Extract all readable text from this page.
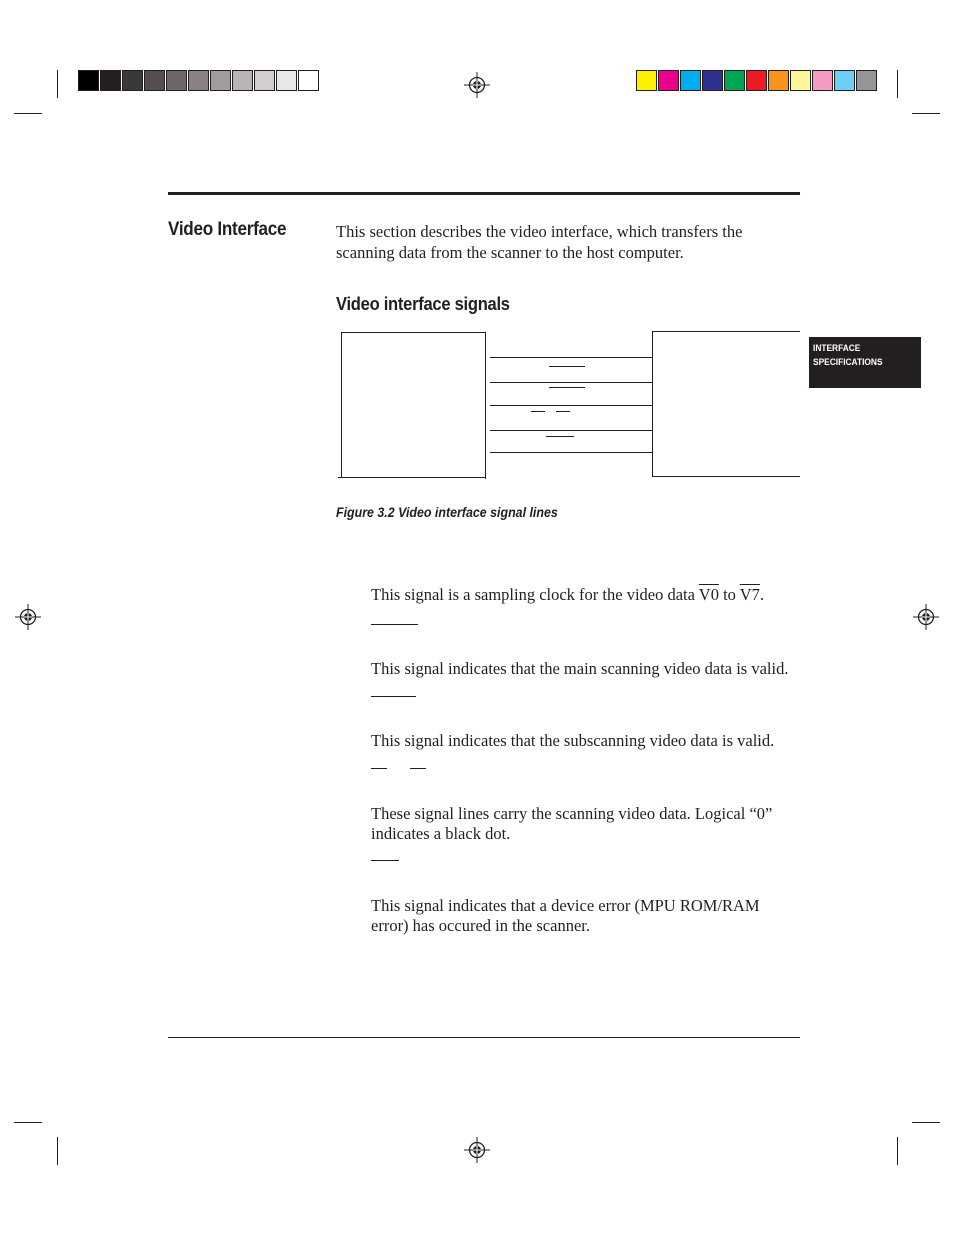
Video Interface	This section describes the video interface, which transfers the scanning data from the scanner to the host computer.
Video interface signals
INTERFACE
SPECIFICATIONS
Figure 3.2 Video interface signal lines
This signal is a sampling clock for the video data V0 to V7.
This signal indicates that the main scanning video data is valid.
This signal indicates that the subscanning video data is valid.
These signal lines carry the scanning video data. Logical “0” indicates a black dot.
This signal indicates that a device error (MPU ROM/RAM error) has occured in the scanner.
